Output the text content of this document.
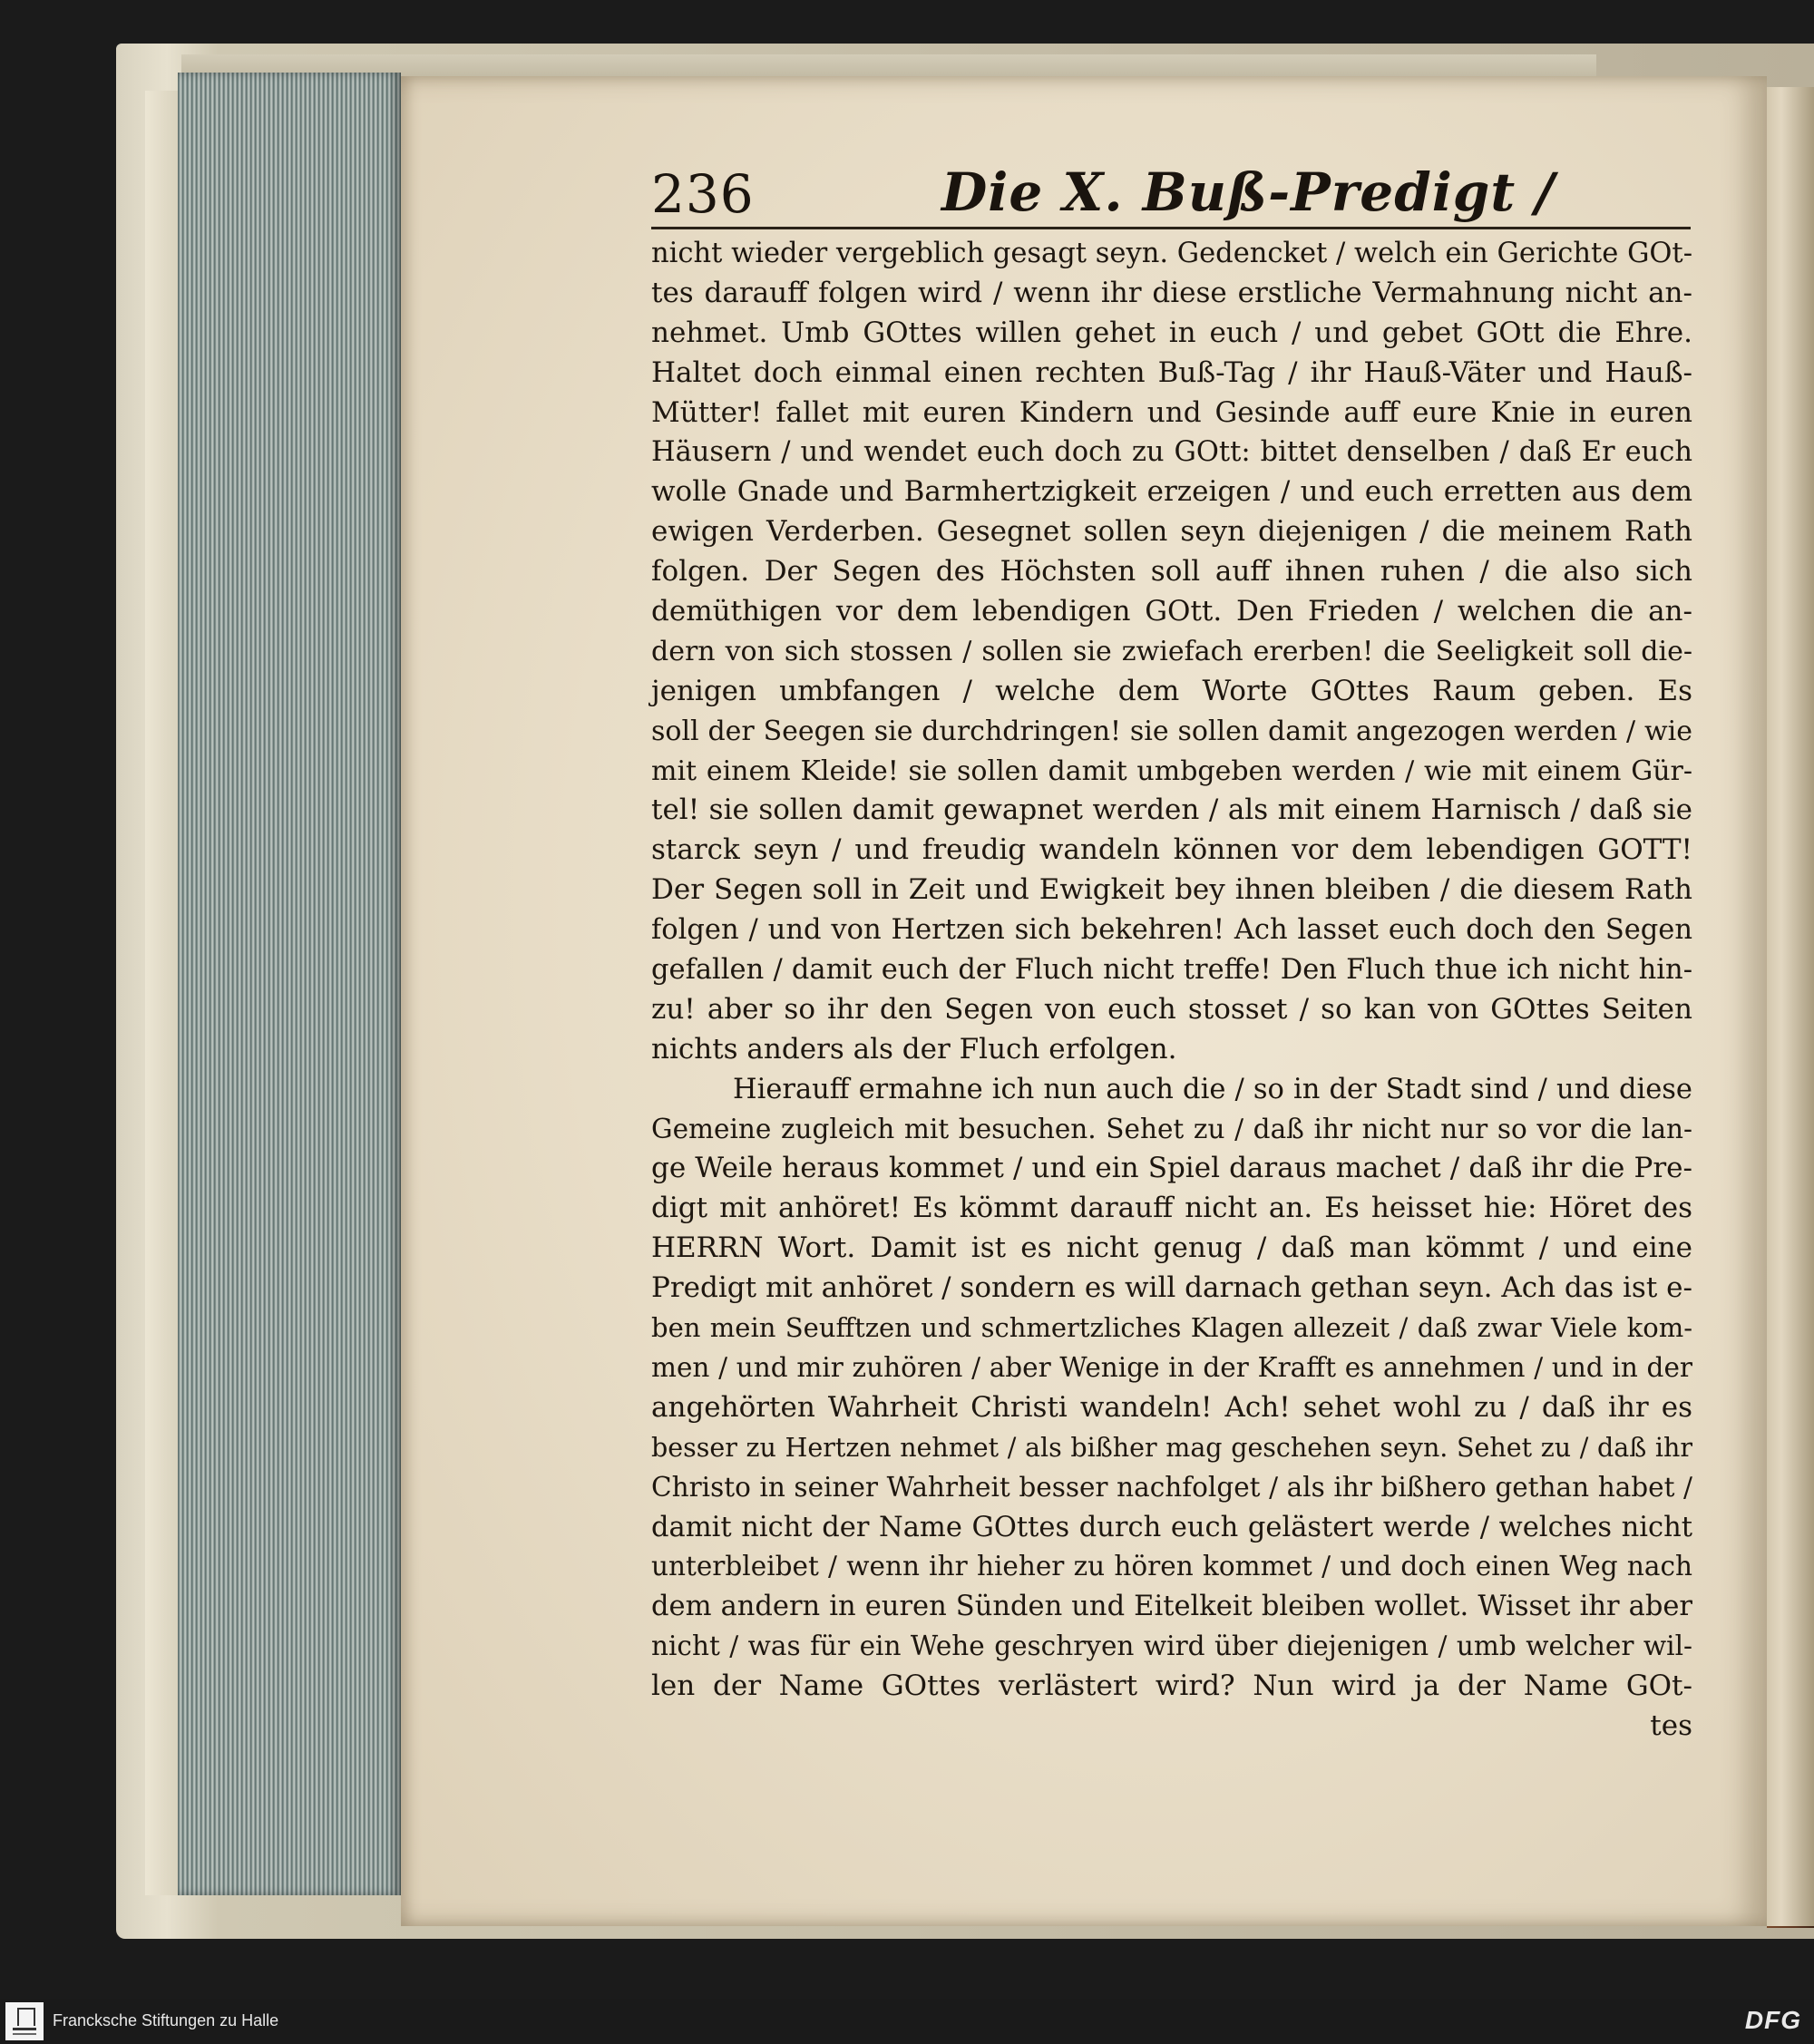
236	Die X. Buß-Predigt /
nicht wieder vergeblich gesagt seyn. Gedencket / welch ein Gerichte GOt-
tes darauff folgen wird / wenn ihr diese erstliche Vermahnung nicht an-
nehmet. Umb GOttes willen gehet in euch / und gebet GOtt die Ehre.
Haltet doch einmal einen rechten Buß-Tag / ihr Hauß-Väter und Hauß-
Mütter! fallet mit euren Kindern und Gesinde auff eure Knie in euren
Häusern / und wendet euch doch zu GOtt: bittet denselben / daß Er euch
wolle Gnade und Barmhertzigkeit erzeigen / und euch erretten aus dem
ewigen Verderben. Gesegnet sollen seyn diejenigen / die meinem Rath
folgen. Der Segen des Höchsten soll auff ihnen ruhen / die also sich
demüthigen vor dem lebendigen GOtt. Den Frieden / welchen die an-
dern von sich stossen / sollen sie zwiefach ererben! die Seeligkeit soll die-
jenigen umbfangen / welche dem Worte GOttes Raum geben. Es
soll der Seegen sie durchdringen! sie sollen damit angezogen werden / wie
mit einem Kleide! sie sollen damit umbgeben werden / wie mit einem Gür-
tel! sie sollen damit gewapnet werden / als mit einem Harnisch / daß sie
starck seyn / und freudig wandeln können vor dem lebendigen GOTT!
Der Segen soll in Zeit und Ewigkeit bey ihnen bleiben / die diesem Rath
folgen / und von Hertzen sich bekehren! Ach lasset euch doch den Segen
gefallen / damit euch der Fluch nicht treffe! Den Fluch thue ich nicht hin-
zu! aber so ihr den Segen von euch stosset / so kan von GOttes Seiten
nichts anders als der Fluch erfolgen.
Hierauff ermahne ich nun auch die / so in der Stadt sind / und diese
Gemeine zugleich mit besuchen. Sehet zu / daß ihr nicht nur so vor die lan-
ge Weile heraus kommet / und ein Spiel daraus machet / daß ihr die Pre-
digt mit anhöret! Es kömmt darauff nicht an. Es heisset hie: Höret des
HERRN Wort. Damit ist es nicht genug / daß man kömmt / und eine
Predigt mit anhöret / sondern es will darnach gethan seyn. Ach das ist e-
ben mein Seufftzen und schmertzliches Klagen allezeit / daß zwar Viele kom-
men / und mir zuhören / aber Wenige in der Krafft es annehmen / und in der
angehörten Wahrheit Christi wandeln! Ach! sehet wohl zu / daß ihr es
besser zu Hertzen nehmet / als bißher mag geschehen seyn. Sehet zu / daß ihr
Christo in seiner Wahrheit besser nachfolget / als ihr bißhero gethan habet /
damit nicht der Name GOttes durch euch gelästert werde / welches nicht
unterbleibet / wenn ihr hieher zu hören kommet / und doch einen Weg nach
dem andern in euren Sünden und Eitelkeit bleiben wollet. Wisset ihr aber
nicht / was für ein Wehe geschryen wird über diejenigen / umb welcher wil-
len der Name GOttes verlästert wird? Nun wird ja der Name GOt-
tes
Francksche Stiftungen zu Halle	DFG
